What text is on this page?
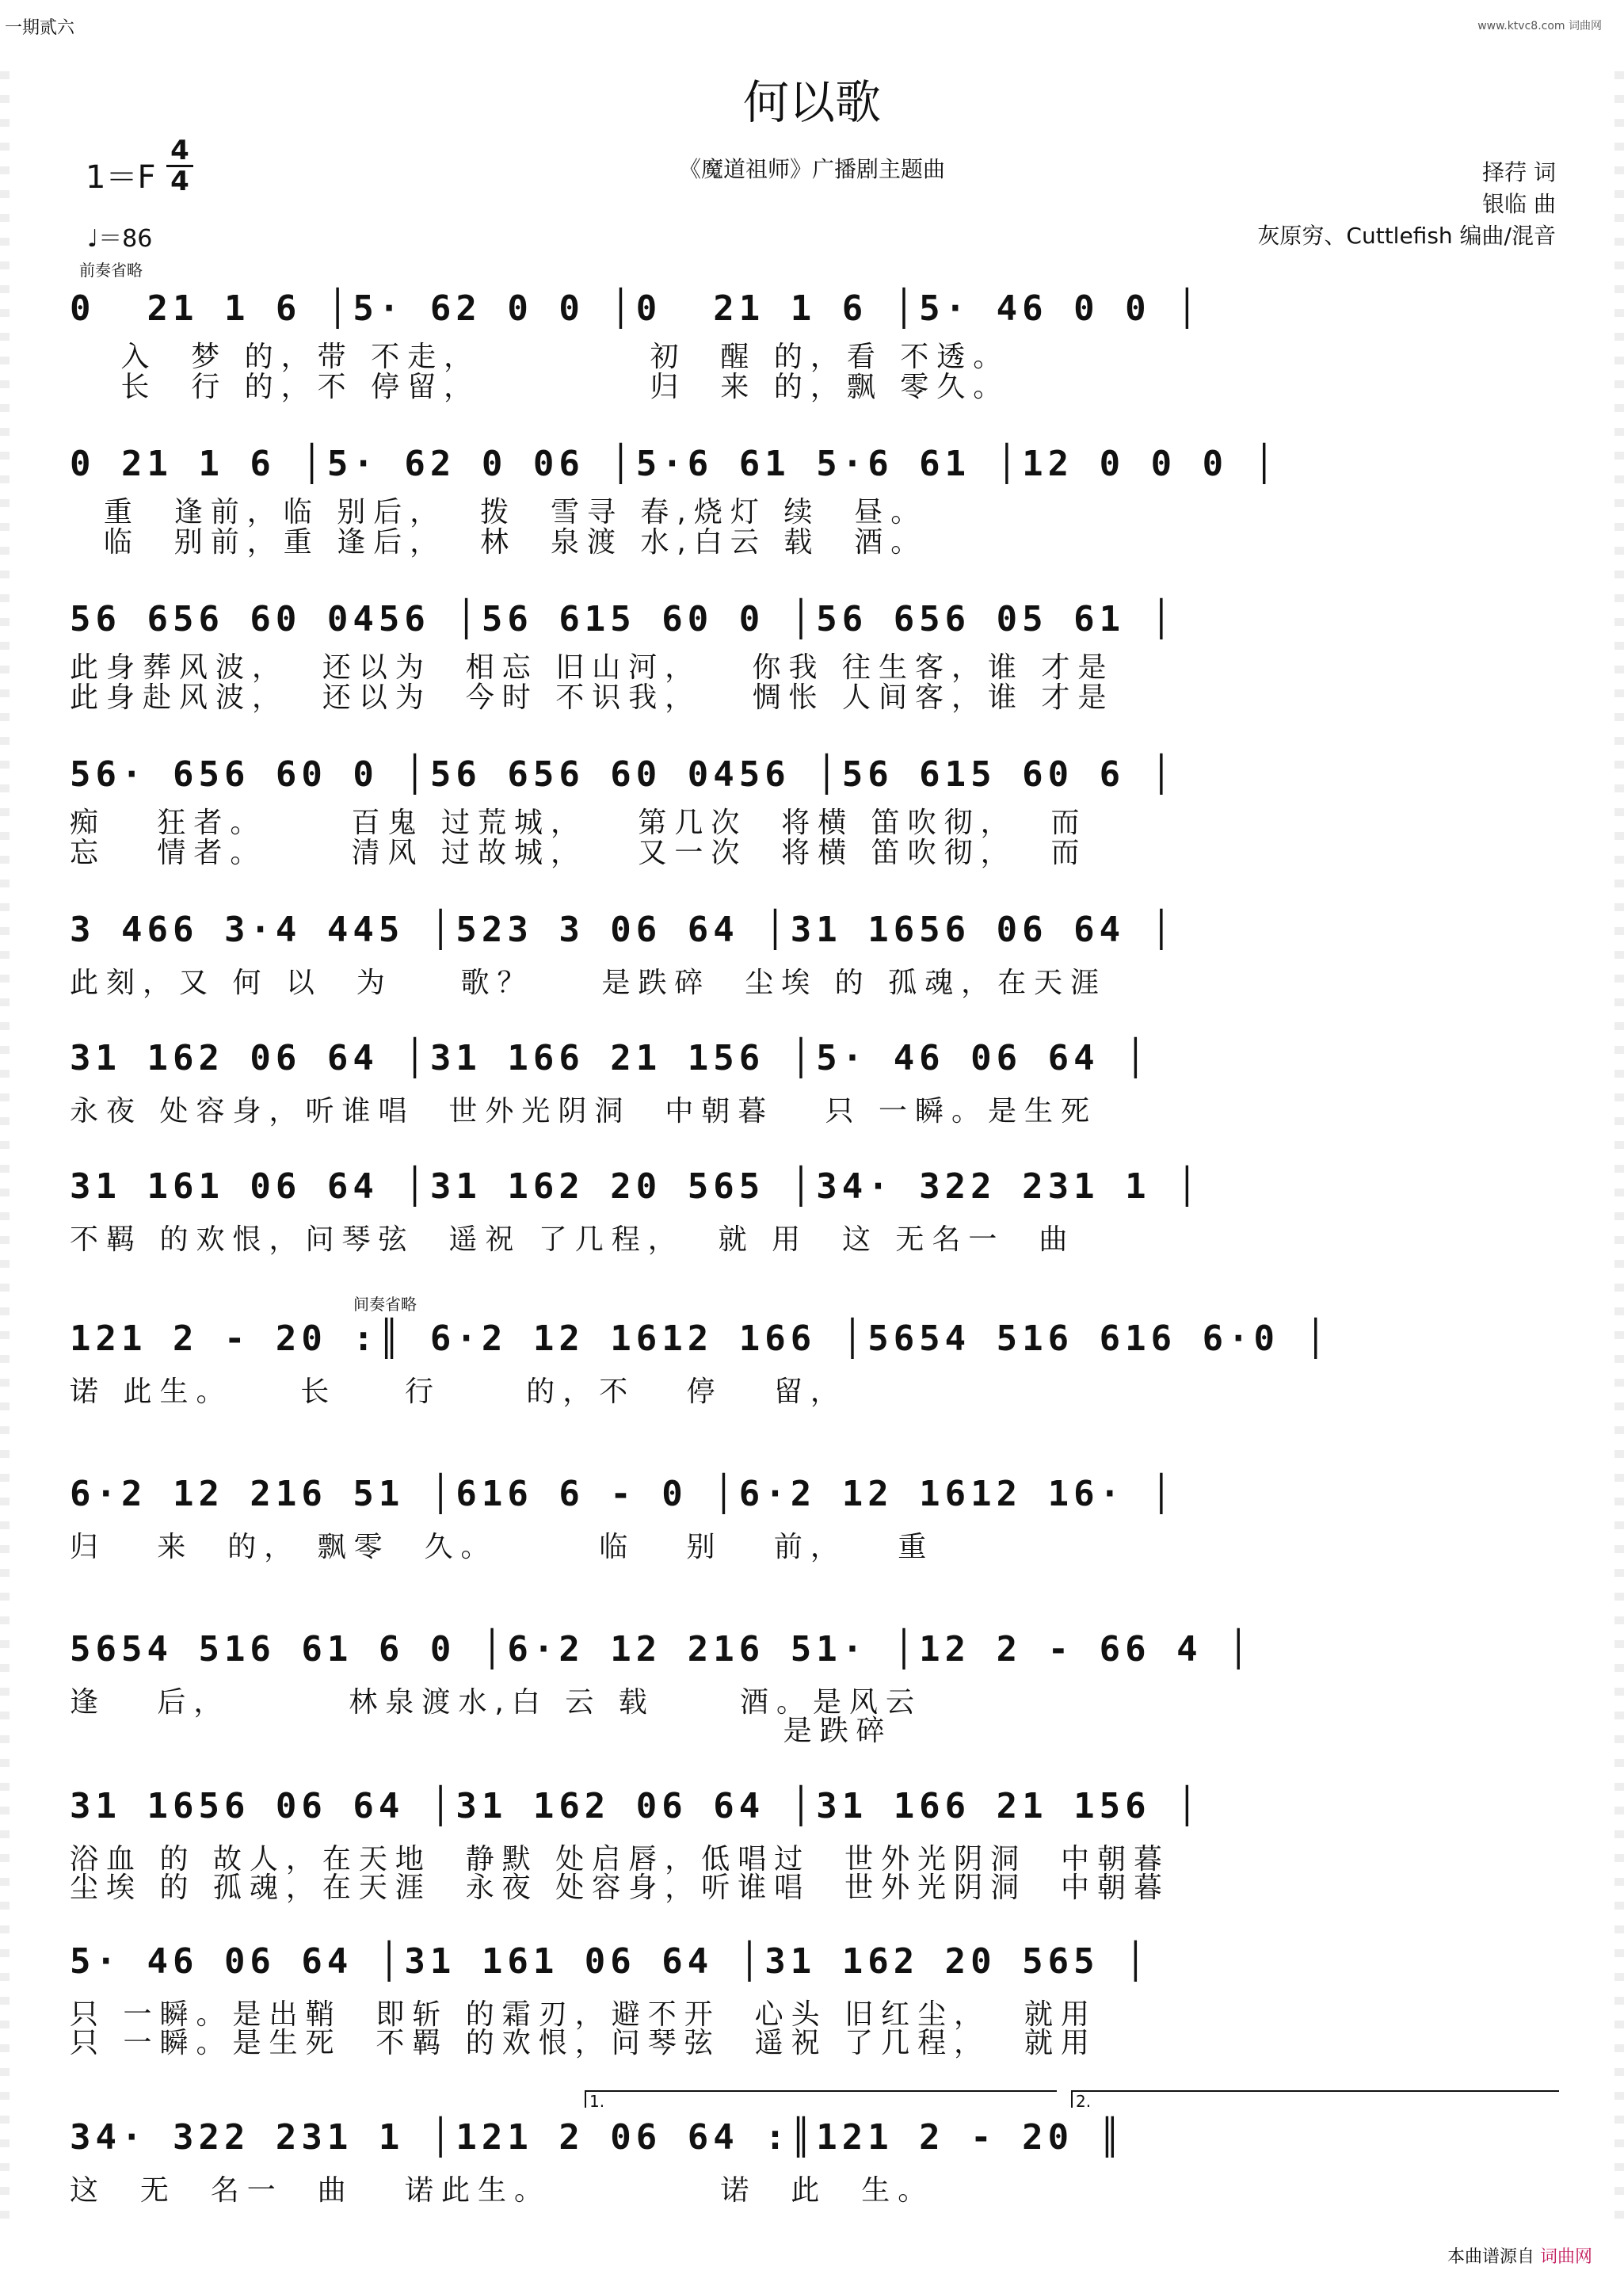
一期贰六	www.ktvc8.com 词曲网
何以歌
《魔道祖师》广播剧主题曲
1＝F
4
4
♩＝86
前奏省略
择荇 词
银临 曲
灰原穷、Cuttlefish 编曲/混音
0  21 1 6 │5· 62 0 0 │0  21 1 6 │5· 46 0 0 │
入  梦 的，带 不走，          初  醒 的，看 不透。
长  行 的，不 停留，          归  来 的，飘 零久。
0 21 1 6 │5· 62 0 06 │5·6 61 5·6 61 │12 0 0 0 │
重  逢前，临 别后，  拨  雪寻 春,烧灯 续  昼。
临  别前，重 逢后，  林  泉渡 水,白云 载  酒。
56 656 60 0456 │56 615 60 0 │56 656 05 61 │
此身葬风波，  还以为  相忘 旧山河，   你我 往生客，谁 才是
此身赴风波，  还以为  今时 不识我，   惆怅 人间客，谁 才是
56· 656 60 0 │56 656 60 0456 │56 615 60 6 │
痴   狂者。     百鬼 过荒城，   第几次  将横 笛吹彻，  而
忘   情者。     清风 过故城，   又一次  将横 笛吹彻，  而
3 466 3·4 445 │523 3 06 64 │31 1656 06 64 │
此刻，又 何 以  为    歌？    是跌碎  尘埃 的 孤魂，在天涯
31 162 06 64 │31 166 21 156 │5· 46 06 64 │
永夜 处容身，听谁唱  世外光阴洞  中朝暮   只 一瞬。是生死
31 161 06 64 │31 162 20 565 │34· 322 231 1 │
不羁 的欢恨，问琴弦  遥祝 了几程，  就 用  这 无名一  曲
间奏省略
121 2 - 20 :║ 6·2 12 1612 166 │5654 516 616 6·0 │
诺 此生。    长    行     的，不   停   留，
6·2 12 216 51 │616 6 - 0 │6·2 12 1612 16· │
归   来  的， 飘零  久。      临   别   前，   重
5654 516 61 6 0 │6·2 12 216 51· │12 2 - 66 4 │
逢   后，       林泉渡水,白 云 载     酒。是风云
是跌碎
31 1656 06 64 │31 162 06 64 │31 166 21 156 │
浴血 的 故人，在天地  静默 处启唇，低唱过  世外光阴洞  中朝暮
尘埃 的 孤魂，在天涯  永夜 处容身，听谁唱  世外光阴洞  中朝暮
5· 46 06 64 │31 161 06 64 │31 162 20 565 │
只 一瞬。是出鞘  即斩 的霜刃，避不开  心头 旧红尘，  就用
只 一瞬。是生死  不羁 的欢恨，问琴弦  遥祝 了几程，  就用
1.	2.
34· 322 231 1 │121 2 06 64 :║121 2 - 20 ║
这  无  名一  曲   诺此生。          诺  此  生。
本曲谱源自 词曲网
